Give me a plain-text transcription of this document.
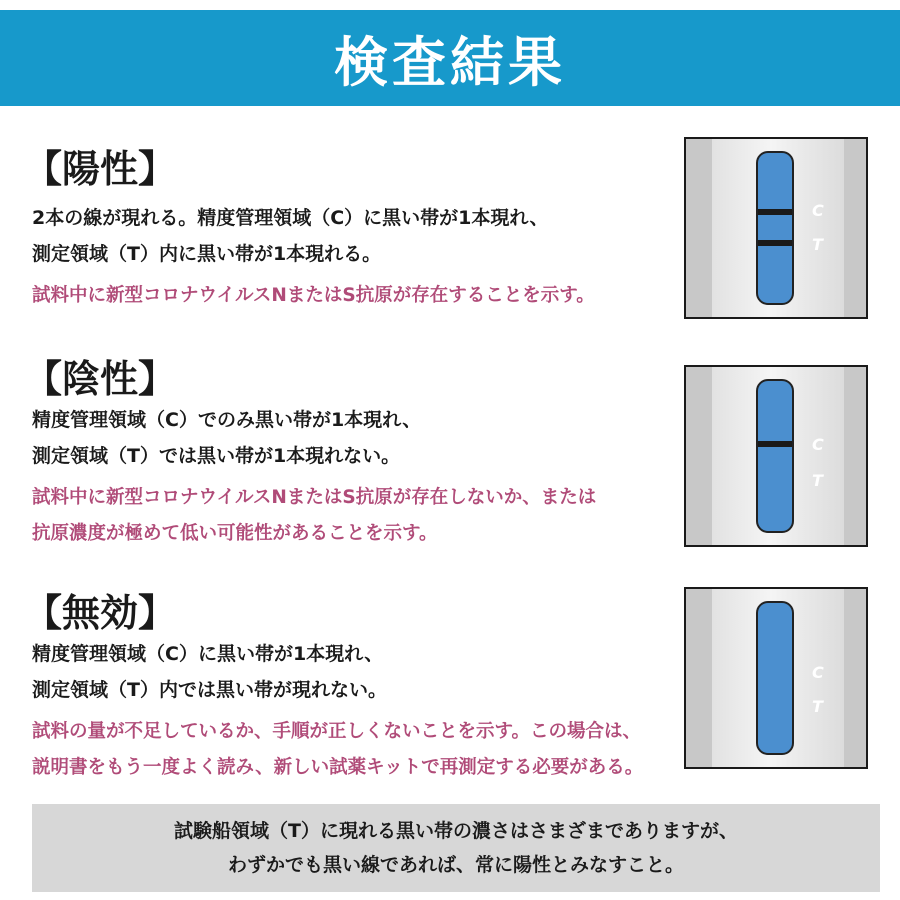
検査結果
【陽性】
2本の線が現れる。精度管理領域（C）に黒い帯が1本現れ、
測定領域（T）内に黒い帯が1本現れる。
試料中に新型コロナウイルスNまたはS抗原が存在することを示す。
C
T
【陰性】
精度管理領域（C）でのみ黒い帯が1本現れ、
測定領域（T）では黒い帯が1本現れない。
試料中に新型コロナウイルスNまたはS抗原が存在しないか、または
抗原濃度が極めて低い可能性があることを示す。
C
T
【無効】
精度管理領域（C）に黒い帯が1本現れ、
測定領域（T）内では黒い帯が現れない。
試料の量が不足しているか、手順が正しくないことを示す。この場合は、
説明書をもう一度よく読み、新しい試薬キットで再測定する必要がある。
C
T
試験船領域（T）に現れる黒い帯の濃さはさまざまでありますが、
わずかでも黒い線であれば、常に陽性とみなすこと。
